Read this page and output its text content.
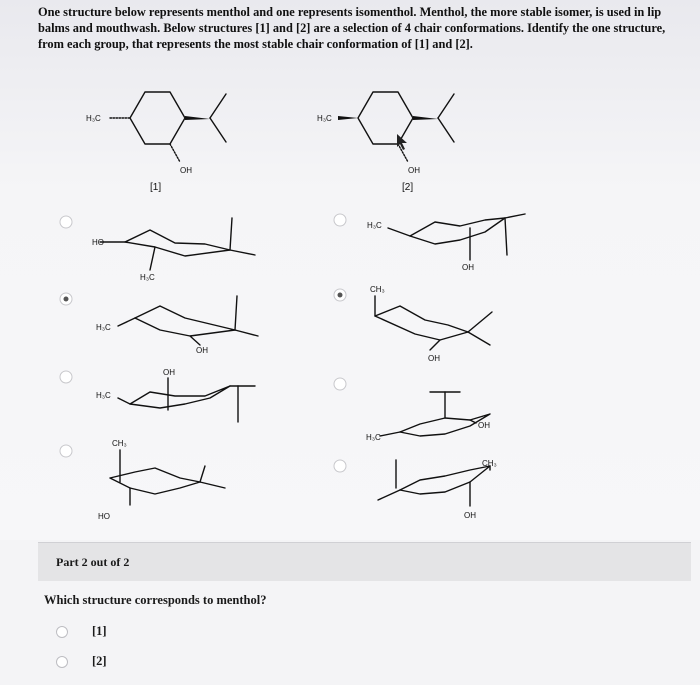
One structure below represents menthol and one represents isomenthol. Menthol, the more stable isomer, is used in lip balms and mouthwash. Below structures [1] and [2] are a selection of 4 chair conformations. Identify the one structure, from each group, that represents the most stable chair conformation of [1] and [2].
H₃C
OH
[1]
H₃C
OH
[2]
HO
H₃C
H₃C
OH
OH
H₃C
CH₃
HO
H₃C
OH
CH₃
OH
OH
H₃C
CH₃
OH
Part 2 out of 2
Which structure corresponds to menthol?
[1]
[2]
